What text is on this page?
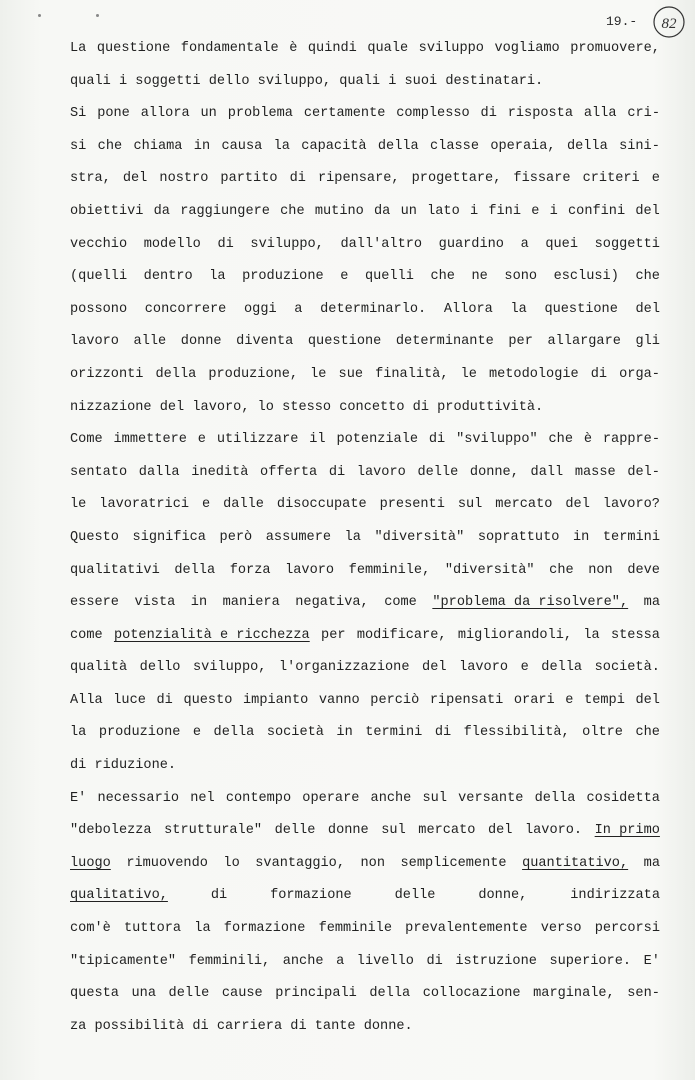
19.- 82
La questione fondamentale è quindi quale sviluppo vogliamo promuovere,
quali i soggetti dello sviluppo, quali i suoi destinatari.
Si pone allora un problema certamente complesso di risposta alla cri-
si che chiama in causa la capacità della classe operaia, della sini-
stra, del nostro partito di ripensare, progettare, fissare criteri e
obiettivi da raggiungere che mutino da un lato i fini e i confini del
vecchio modello di sviluppo, dall'altro guardino a quei soggetti
(quelli dentro la produzione e quelli che ne sono esclusi) che
possono concorrere oggi a determinarlo. Allora la questione del
lavoro alle donne diventa questione determinante per allargare gli
orizzonti della produzione, le sue finalità, le metodologie di orga-
nizzazione del lavoro, lo stesso concetto di produttività.
Come immettere e utilizzare il potenziale di "sviluppo" che è rappre-
sentato dalla inedità offerta di lavoro delle donne, dall masse del-
le lavoratrici e dalle disoccupate presenti sul mercato del lavoro?
Questo significa però assumere la "diversità" soprattuto in termini
qualitativi della forza lavoro femminile, "diversità" che non deve
essere vista in maniera negativa, come "problema da risolvere", ma
come potenzialità e ricchezza per modificare, migliorandoli, la stessa
qualità dello sviluppo, l'organizzazione del lavoro e della società.
Alla luce di questo impianto vanno perciò ripensati orari e tempi del
la produzione e della società in termini di flessibilità, oltre che
di riduzione.
E' necessario nel contempo operare anche sul versante della cosidetta
"debolezza strutturale" delle donne sul mercato del lavoro. In primo
luogo rimuovendo lo svantaggio, non semplicemente quantitativo, ma
qualitativo,	di	formazione	delle	donne,	indirizzata
com'è tuttora la formazione femminile prevalentemente verso percorsi
"tipicamente" femminili, anche a livello di istruzione superiore. E'
questa una delle cause principali della collocazione marginale, sen-
za possibilità di carriera di tante donne.
